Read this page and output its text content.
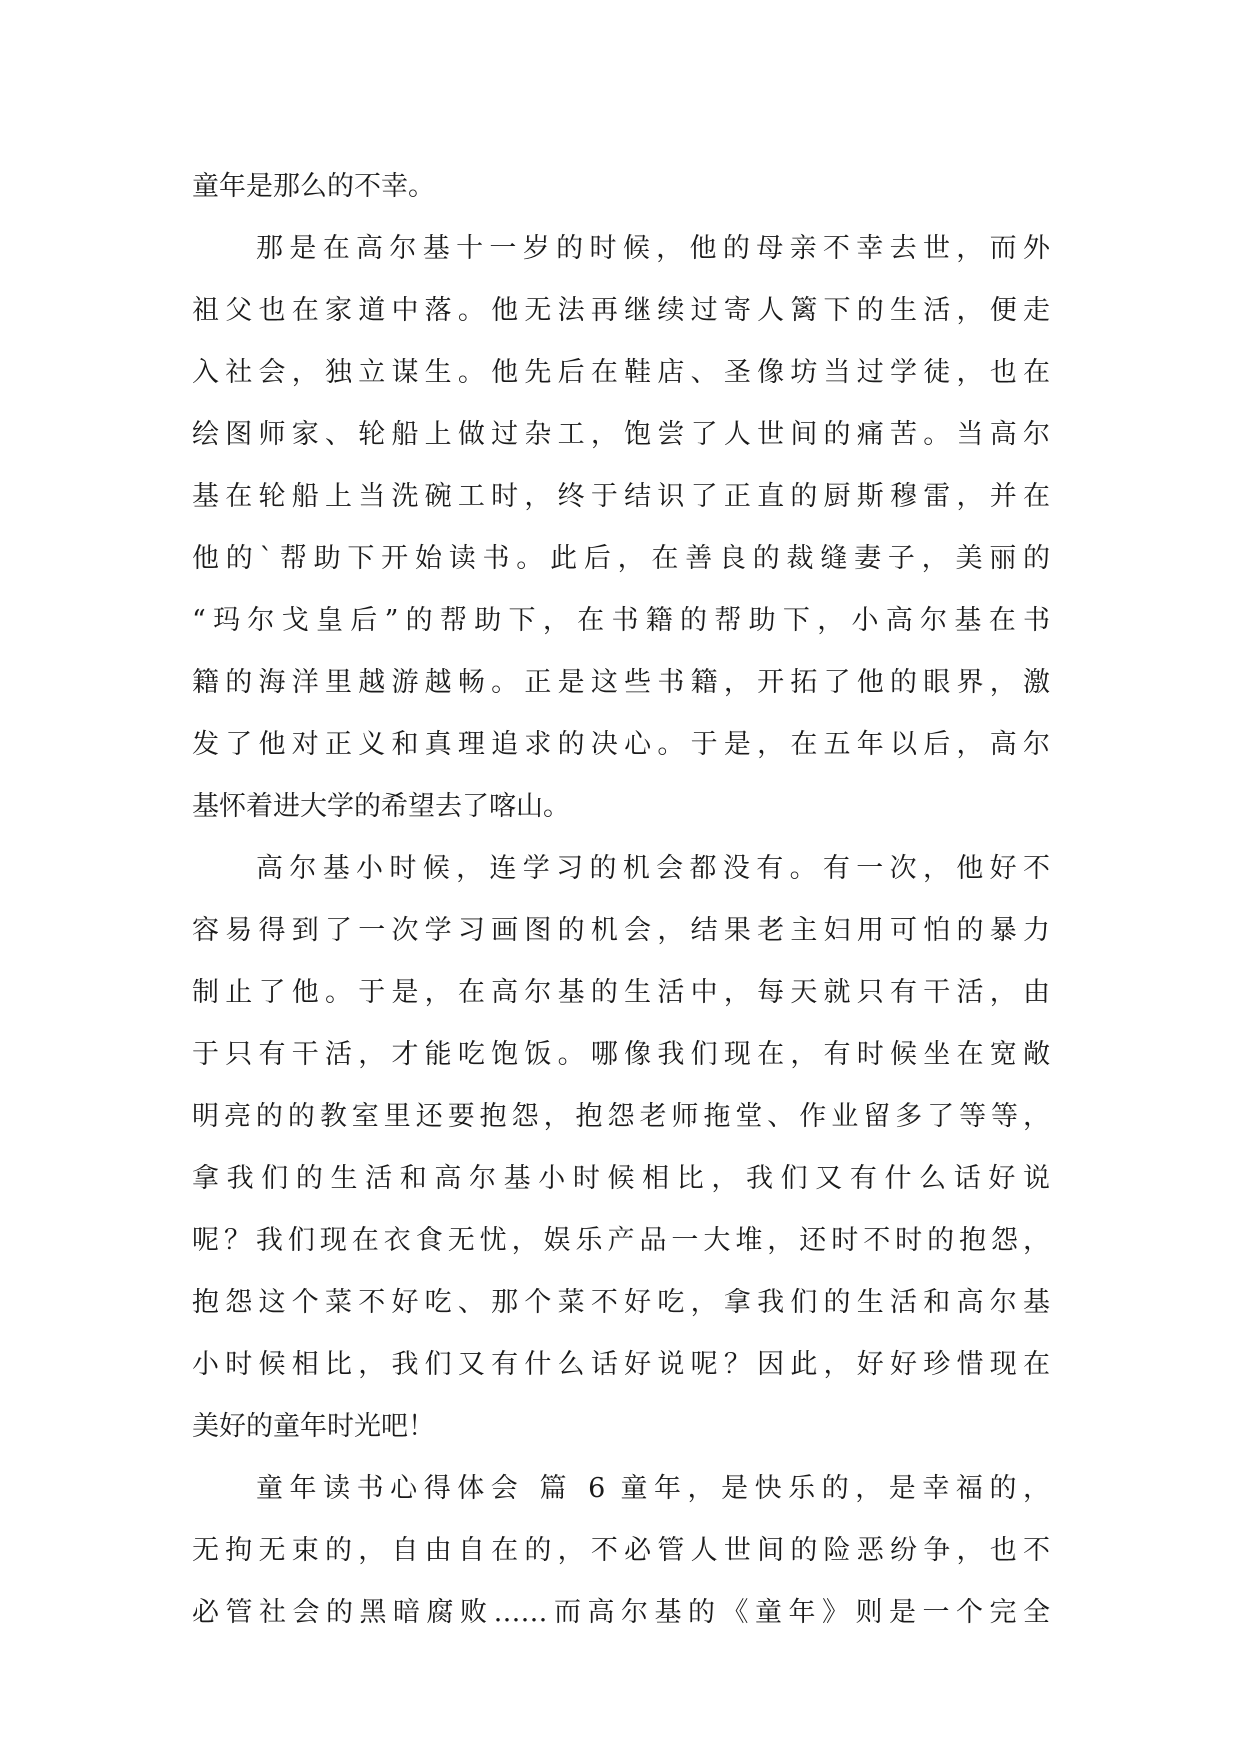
童年是那么的不幸。
那是在高尔基十一岁的时候，他的母亲不幸去世，而外
祖父也在家道中落。他无法再继续过寄人篱下的生活，便走
入社会，独立谋生。他先后在鞋店、圣像坊当过学徒，也在
绘图师家、轮船上做过杂工，饱尝了人世间的痛苦。当高尔
基在轮船上当洗碗工时，终于结识了正直的厨斯穆雷，并在
他的`帮助下开始读书。此后，在善良的裁缝妻子，美丽的
“玛尔戈皇后”的帮助下，在书籍的帮助下，小高尔基在书
籍的海洋里越游越畅。正是这些书籍，开拓了他的眼界，激
发了他对正义和真理追求的决心。于是，在五年以后，高尔
基怀着进大学的希望去了喀山。
高尔基小时候，连学习的机会都没有。有一次，他好不
容易得到了一次学习画图的机会，结果老主妇用可怕的暴力
制止了他。于是，在高尔基的生活中，每天就只有干活，由
于只有干活，才能吃饱饭。哪像我们现在，有时候坐在宽敞
明亮的的教室里还要抱怨，抱怨老师拖堂、作业留多了等等，
拿我们的生活和高尔基小时候相比，我们又有什么话好说
呢？我们现在衣食无忧，娱乐产品一大堆，还时不时的抱怨，
抱怨这个菜不好吃、那个菜不好吃，拿我们的生活和高尔基
小时候相比，我们又有什么话好说呢？因此，好好珍惜现在
美好的童年时光吧！
童年读书心得体会 篇 6 童年，是快乐的，是幸福的，
无拘无束的，自由自在的，不必管人世间的险恶纷争，也不
必管社会的黑暗腐败……而高尔基的《童年》则是一个完全
